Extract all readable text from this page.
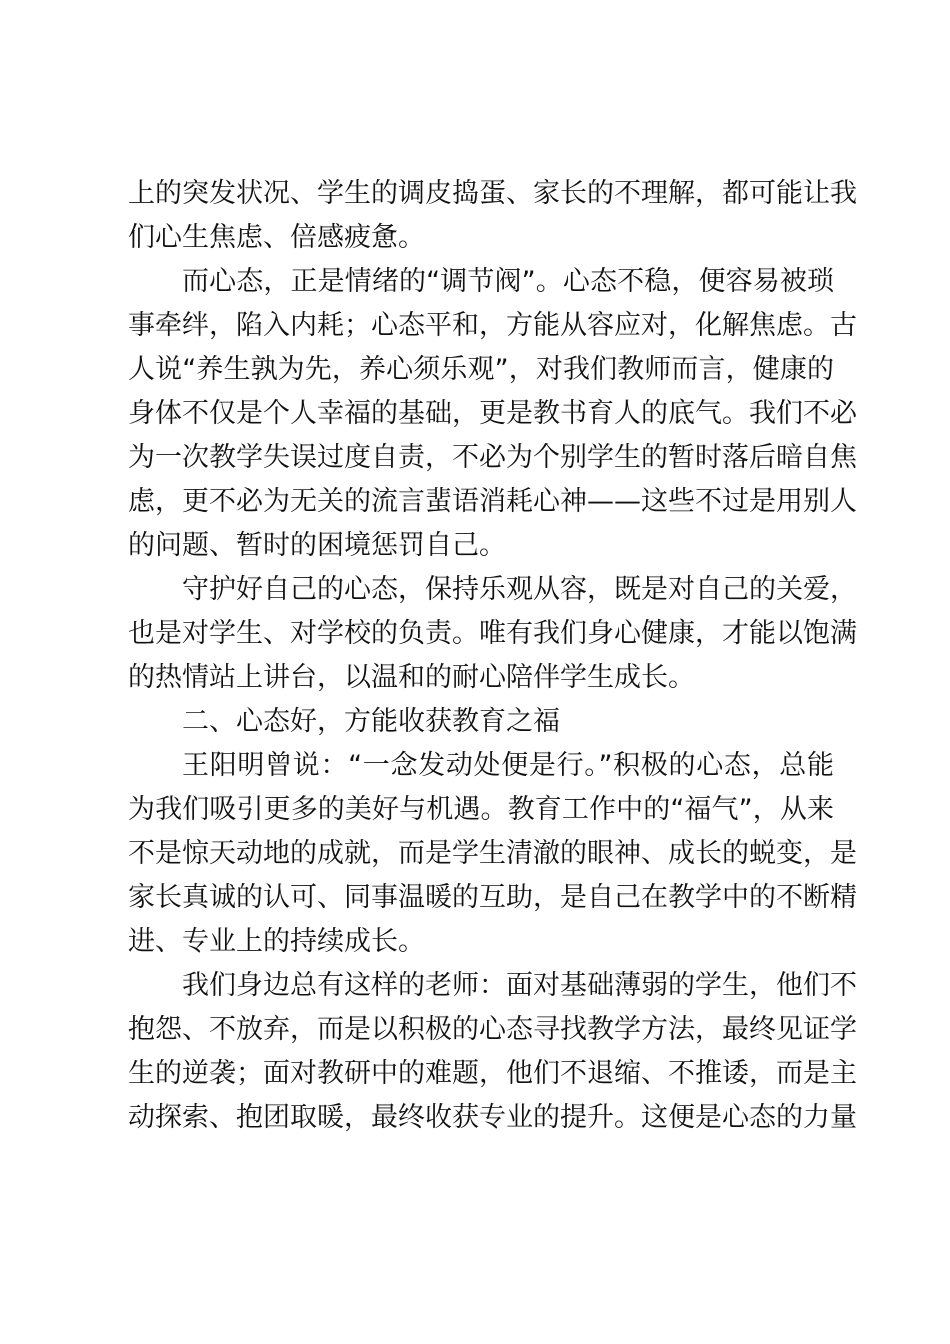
上的突发状况、学生的调皮捣蛋、家长的不理解，都可能让我
们心生焦虑、倍感疲惫。
而心态，正是情绪的“调节阀”。心态不稳，便容易被琐
事牵绊，陷入内耗；心态平和，方能从容应对，化解焦虑。古
人说“养生孰为先，养心须乐观”，对我们教师而言，健康的
身体不仅是个人幸福的基础，更是教书育人的底气。我们不必
为一次教学失误过度自责，不必为个别学生的暂时落后暗自焦
虑，更不必为无关的流言蜚语消耗心神——这些不过是用别人
的问题、暂时的困境惩罚自己。
守护好自己的心态，保持乐观从容，既是对自己的关爱，
也是对学生、对学校的负责。唯有我们身心健康，才能以饱满
的热情站上讲台，以温和的耐心陪伴学生成长。
二、心态好，方能收获教育之福
王阳明曾说：“一念发动处便是行。”积极的心态，总能
为我们吸引更多的美好与机遇。教育工作中的“福气”，从来
不是惊天动地的成就，而是学生清澈的眼神、成长的蜕变，是
家长真诚的认可、同事温暖的互助，是自己在教学中的不断精
进、专业上的持续成长。
我们身边总有这样的老师：面对基础薄弱的学生，他们不
抱怨、不放弃，而是以积极的心态寻找教学方法，最终见证学
生的逆袭；面对教研中的难题，他们不退缩、不推诿，而是主
动探索、抱团取暖，最终收获专业的提升。这便是心态的力量
